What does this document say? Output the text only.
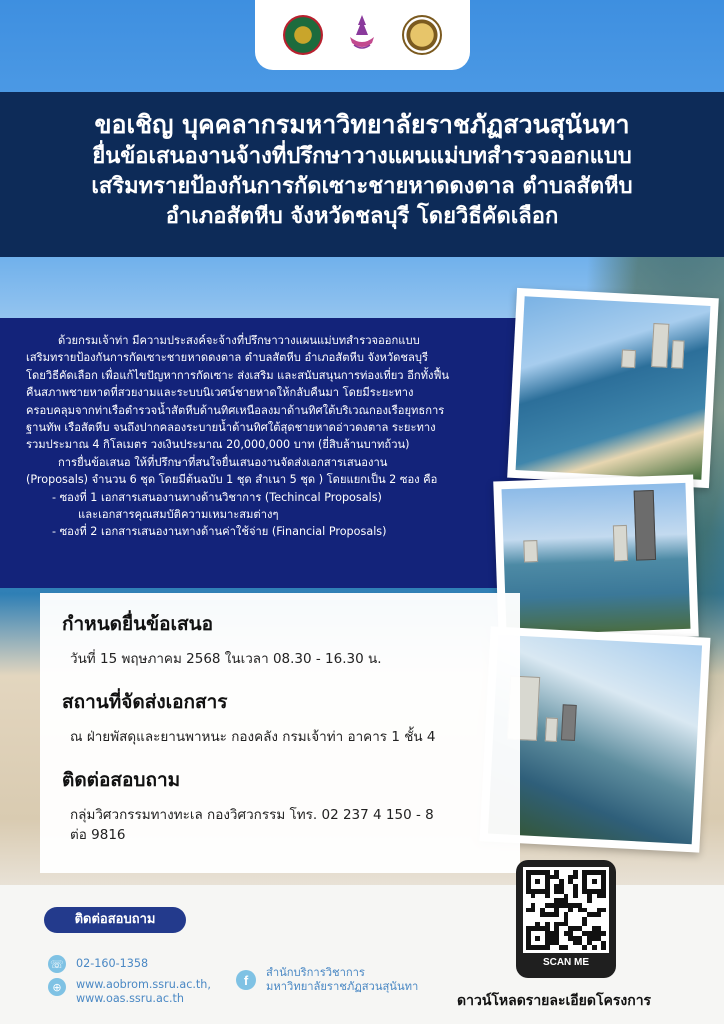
ขอเชิญ บุคคลากรมหาวิทยาลัยราชภัฏสวนสุนันทา
ยื่นข้อเสนองานจ้างที่ปรึกษาวางแผนแม่บทสำรวจออกแบบ
เสริมทรายป้องกันการกัดเซาะชายหาดดงตาล ตำบลสัตหีบ
อำเภอสัตหีบ จังหวัดชลบุรี โดยวิธีคัดเลือก

ด้วยกรมเจ้าท่า มีความประสงค์จะจ้างที่ปรึกษาวางแผนแม่บทสำรวจออกแบบ

เสริมทรายป้องกันการกัดเซาะชายหาดดงตาล ตำบลสัตหีบ อำเภอสัตหีบ จังหวัดชลบุรี

โดยวิธีคัดเลือก เพื่อแก้ไขปัญหาการกัดเซาะ ส่งเสริม และสนับสนุนการท่องเที่ยว อีกทั้งฟื้น

คืนสภาพชายหาดที่สวยงามและระบบนิเวศน์ชายหาดให้กลับคืนมา โดยมีระยะทาง

ครอบคลุมจากท่าเรือตำรวจน้ำสัตหีบด้านทิศเหนือลงมาด้านทิศใต้บริเวณกองเรือยุทธการ

ฐานทัพ เรือสัตหีบ จนถึงปากคลองระบายน้ำด้านทิศใต้สุดชายหาดอ่าวดงตาล ระยะทาง

รวมประมาณ 4 กิโลเมตร วงเงินประมาณ 20,000,000 บาท (ยี่สิบล้านบาทถ้วน)

การยื่นข้อเสนอ ให้ที่ปรึกษาที่สนใจยื่นเสนองานจัดส่งเอกสารเสนองาน

(Proposals) จำนวน 6 ชุด โดยมีต้นฉบับ 1 ชุด สำเนา 5 ชุด ) โดยแยกเป็น 2 ซอง คือ

- ซองที่ 1 เอกสารเสนองานทางด้านวิชาการ (Techincal Proposals)

และเอกสารคุณสมบัติความเหมาะสมต่างๆ

- ซองที่ 2 เอกสารเสนองานทางด้านค่าใช้จ่าย (Financial Proposals)

กำหนดยื่นข้อเสนอ
วันที่ 15 พฤษภาคม 2568 ในเวลา 08.30 - 16.30 น.
สถานที่จัดส่งเอกสาร
ณ ฝ่ายพัสดุและยานพาหนะ กองคลัง กรมเจ้าท่า อาคาร 1 ชั้น 4
ติดต่อสอบถาม
กลุ่มวิศวกรรมทางทะเล กองวิศวกรรม โทร. 02 237 4 150 - 8
ต่อ 9816
ติดต่อสอบถาม
☏ 02-160-1358
⊕	www.aobrom.ssru.ac.th,
www.oas.ssru.ac.th
f	สำนักบริการวิชาการ
มหาวิทยาลัยราชภัฏสวนสุนันทา
SCAN ME
ดาวน์โหลดรายละเอียดโครงการ
